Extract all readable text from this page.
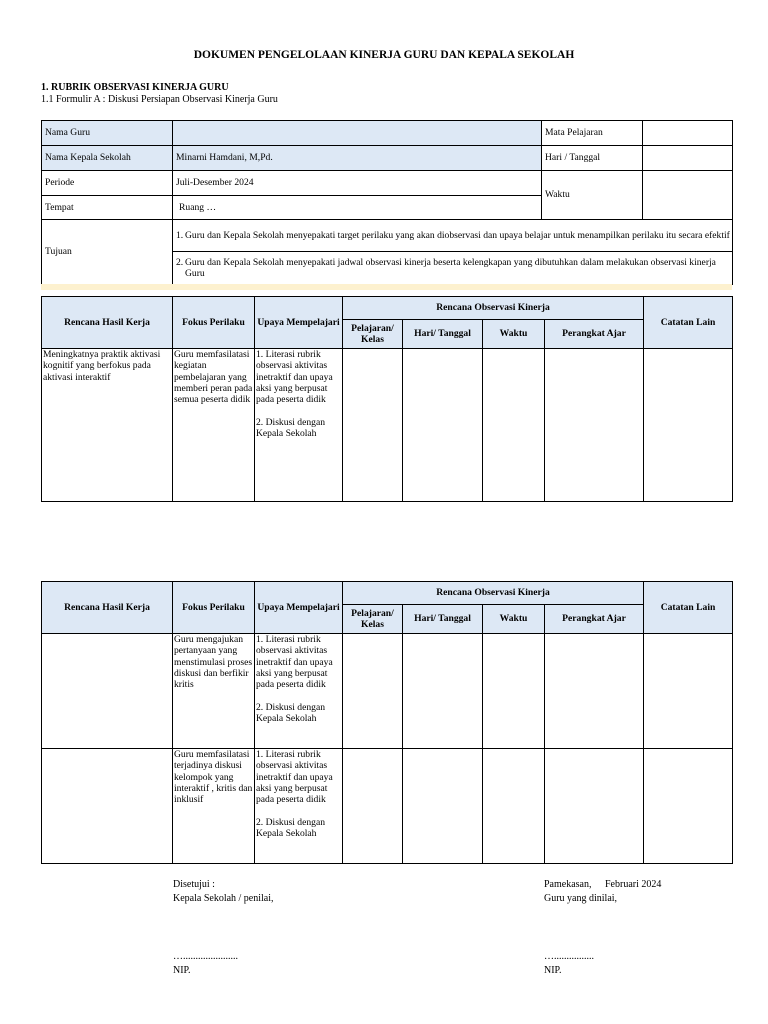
DOKUMEN PENGELOLAAN KINERJA GURU DAN KEPALA SEKOLAH
1. RUBRIK OBSERVASI KINERJA GURU
1.1 Formulir A : Diskusi Persiapan Observasi Kinerja Guru
Nama Guru		Mata Pelajaran	
Nama Kepala Sekolah	Minarni Hamdani, M,Pd.	Hari / Tanggal	
Periode	Juli-Desember 2024	Waktu	
Tempat	Ruang …		
Tujuan	1. Guru dan Kepala Sekolah menyepakati target perilaku yang akan diobservasi dan upaya belajar untuk menampilkan perilaku itu secara efektif		

	2. Guru dan Kepala Sekolah menyepakati jadwal observasi kinerja beserta kelengkapan yang dibutuhkan dalam melakukan observasi kinerja Guru		
Rencana Hasil Kerja	Fokus Perilaku	Upaya Mempelajari	Rencana Observasi Kinerja				Catatan Lain
			Pelajaran/ Kelas	Hari/ Tanggal	Waktu	Perangkat Ajar	
Meningkatnya praktik aktivasi kognitif yang berfokus pada aktivasi interaktif	Guru memfasilatasi kegiatan pembelajaran yang memberi peran pada semua peserta didik	1. Literasi rubrik observasi aktivitas inetraktif dan upaya aksi yang berpusat pada peserta didik
2. Diskusi dengan Kepala Sekolah					

Rencana Hasil Kerja	Fokus Perilaku	Upaya Mempelajari	Rencana Observasi Kinerja				Catatan Lain
			Pelajaran/ Kelas	Hari/ Tanggal	Waktu	Perangkat Ajar	
	Guru mengajukan pertanyaan yang menstimulasi proses diskusi dan berfikir kritis	1. Literasi rubrik observasi aktivitas inetraktif dan upaya aksi yang berpusat pada peserta didik
2. Diskusi dengan Kepala Sekolah					

	Guru memfasilatasi terjadinya diskusi kelompok yang interaktif , kritis dan inklusif	1. Literasi rubrik observasi aktivitas inetraktif dan upaya aksi yang berpusat pada peserta didik
2. Diskusi dengan Kepala Sekolah					

Disetujui :
Kepala Sekolah / penilai,
…......................
NIP.
Pamekasan, Februari 2024
Guru yang dinilai,
…................
NIP.
